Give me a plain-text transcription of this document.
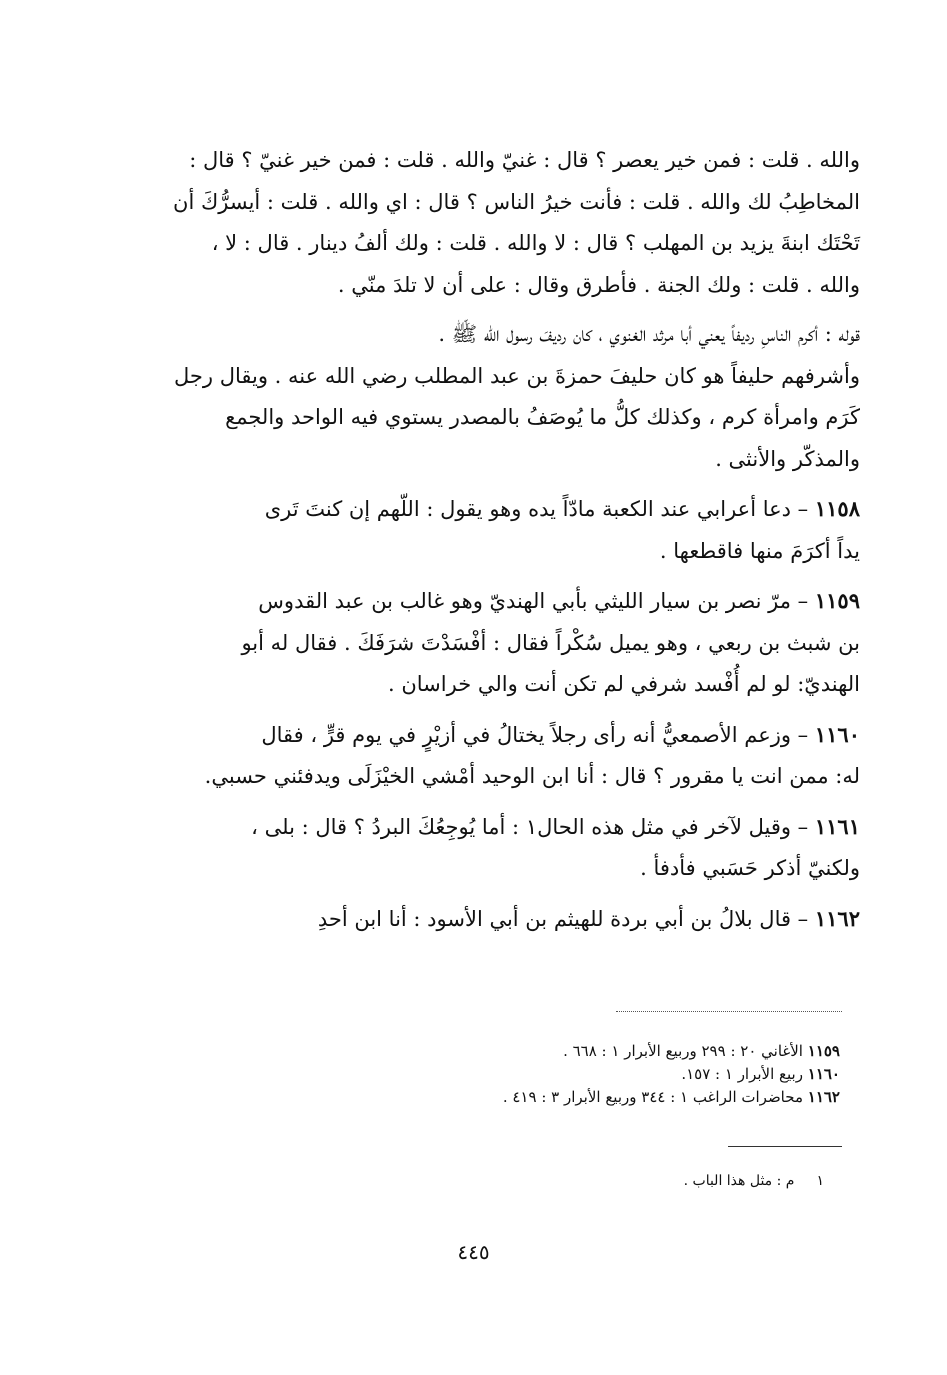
والله . قلت : فمن خير يعصر ؟ قال : غنيّ والله . قلت : فمن خير غنيّ ؟ قال :

المخاطِبُ لك والله . قلت : فأنت خيرُ الناس ؟ قال : اي والله . قلت : أيسرُّكَ أن

تَحْتَك ابنةَ يزيد بن المهلب ؟ قال : لا والله . قلت : ولك ألفُ دينار . قال : لا ،

والله . قلت : ولك الجنة . فأطرق وقال : على أن لا تلدَ منّي .

قوله : أكرم الناسِ رديفاً يعني أبا مرثد الغنوي ، كان رديفَ رسول الله ﷺ .

وأشرفهم حليفاً هو كان حليفَ حمزةَ بن عبد المطلب رضي الله عنه . ويقال رجل

كَرَم وامرأة كرم ، وكذلك كلُّ ما يُوصَفُ بالمصدر يستوي فيه الواحد والجمع

والمذكّر والأنثى .

١١٥٨ – دعا أعرابي عند الكعبة مادّاً يده وهو يقول : اللّهم إن كنتَ تَرى

يداً أكرَمَ منها فاقطعها .

١١٥٩ – مرّ نصر بن سيار الليثي بأبي الهنديّ وهو غالب بن عبد القدوس

بن شبث بن ربعي ، وهو يميل سُكْراً فقال : أفْسَدْتَ شرَفَكَ . فقال له أبو

الهنديّ: لو لم أُفْسد شرفي لم تكن أنت والي خراسان .

١١٦٠ – وزعم الأصمعيُّ أنه رأى رجلاً يختالُ في أزيْرٍ في يوم قرٍّ ، فقال

له: ممن انت يا مقرور ؟ قال : أنا ابن الوحيد أمْشي الخيْزَلَى ويدفئني حسبي.

١١٦١ – وقيل لآخر في مثل هذه الحال١ : أما يُوجِعُكَ البردُ ؟ قال : بلى ،

ولكنيّ أذكر حَسَبي فأدفأ .

١١٦٢ – قال بلالُ بن أبي بردة للهيثم بن أبي الأسود : أنا ابن أحدِ

١١٥٩ الأغاني ٢٠ : ٢٩٩ وربيع الأبرار ١ : ٦٦٨ .
١١٦٠ ربيع الأبرار ١ : ١٥٧.
١١٦٢ محاضرات الراغب ١ : ٣٤٤ وربيع الأبرار ٣ : ٤١٩ .
١م : مثل هذا الباب .
٤٤٥
